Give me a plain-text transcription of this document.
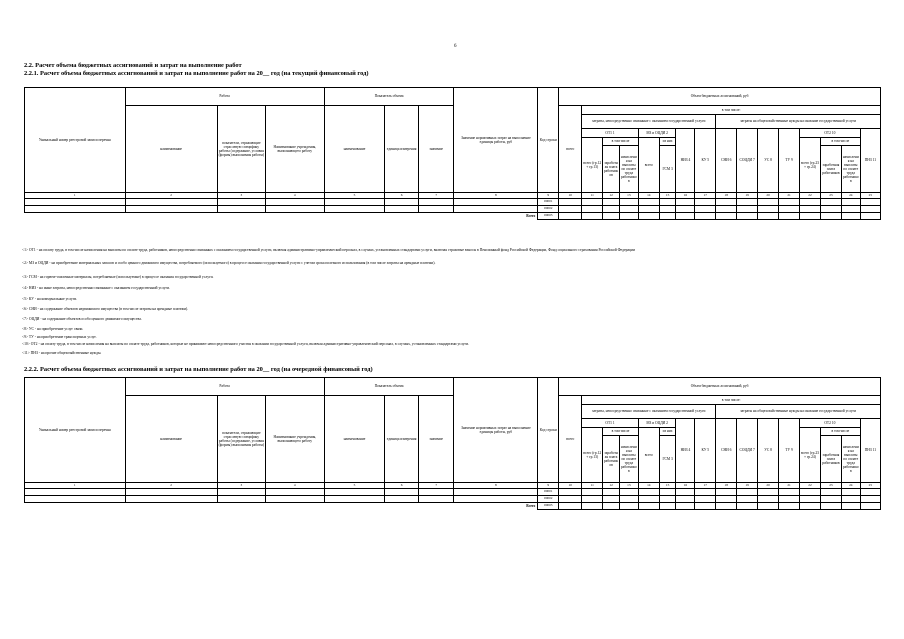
6
2.2. Расчет объема бюджетных ассигнований и затрат на выполнение работ
2.2.1. Расчет объема бюджетных ассигнований и затрат на выполнение работ на 20__ год (на текущий финансовый год)
Уникальный номер реестровой записи перечня	Работа			Показатель объема			Значение нормативных затрат на выполнение единицы работы, руб	Код строки	Объем бюджетных ассигнований, руб															
	наименование	показатели, отражающие отраслевую специфику работы (содержание, условия (формы) выполнения работы)	Наименование учреждения, выполняющего работу	наименование	единица измерения	значение			всего	в том числе:														
										затраты, непосредственно связанные с оказанием государственной услуги							затраты на общехозяйственные нужды на оказание государственной услуги							
										ОТ1 1			МЗ и ОЦДИ 2		НИЗ 4	КУ 5	СНИ 6	СОЦДИ 7	УС 8	ТУ 9	ОТ2 10			ПНЗ 11
										всего (гр.12 + гр.13)	в том числе		всего	из них							всего (гр.23 + гр.24)	в том числе		
											заработная плата работников	начисления на выплаты по оплате труда работников		ГСМ 3								заработная плата работников	начисления на выплаты по оплате труда работников	
1	2	3	4	5	6	7	8	9	10	11	12	13	14	15	16	17	18	19	20	21	22	23	24	25
								00001																
								00002																
Всего								00003																
<1> ОТ1 - на оплату труда, в том числе начисления на выплаты по оплате труда, работников, непосредственно связанных с оказанием государственной услуги, включая административно-управленческий персонал, в случаях, установленных стандартами услуги, включая страховые взносы в Пенсионный фонд Российской Федерации, Фонд социального страхования Российской Федерации
<2> МЗ и ОЦДИ - на приобретение материальных запасов и особо ценного движимого имущества, потребляемого (используемого) в процессе оказания государственной услуги с учетом срока полезного использования (в том числе затраты на арендные платежи).
<3> ГСМ - на горюче-смазочные материалы, потребляемые (используемые) в процессе оказания государственной услуги.
<4> НИЗ - на иные затраты, непосредственно связанные с оказанием государственной услуги.
<5> КУ - на коммунальные услуги.
<6> СНИ - на содержание объектов недвижимого имущества (в том числе затраты на арендные платежи).
<7> ОЦДИ - на содержание объектов особо ценного движимого имущества.
<8> УС - на приобретение услуг связи.
<9> ТУ - на приобретение транспортных услуг.
<10> ОТ2 - на оплату труда, в том числе начисления на выплаты по оплате труда, работников, которые не принимают непосредственного участия в оказании государственной услуги, включая административно-управленческий персонал, в случаях, установленных стандартами услуги.
<11> ПНЗ - на прочие общехозяйственные нужды.
2.2.2. Расчет объема бюджетных ассигнований и затрат на выполнение работ на 20__ год (на очередной финансовый год)
Уникальный номер реестровой записи перечня	Работа			Показатель объема			Значение нормативных затрат на выполнение единицы работы, руб	Код строки	Объем бюджетных ассигнований, руб															
	наименование	показатели, отражающие отраслевую специфику работы (содержание, условия (формы) выполнения работы)	Наименование учреждения, выполняющего работу	наименование	единица измерения	значение			всего	в том числе:														
										затраты, непосредственно связанные с оказанием государственной услуги							затраты на общехозяйственные нужды на оказание государственной услуги							
										ОТ1 1			МЗ и ОЦДИ 2		НИЗ 4	КУ 5	СНИ 6	СОЦДИ 7	УС 8	ТУ 9	ОТ2 10			ПНЗ 11
										всего (гр.12 + гр.13)	в том числе		всего	из них							всего (гр.23 + гр.24)	в том числе		
											заработная плата работников	начисления на выплаты по оплате труда работников		ГСМ 3								заработная плата работников	начисления на выплаты по оплате труда работников	
1	2	3	4	5	6	7	8	9	10	11	12	13	14	15	16	17	18	19	20	21	22	23	24	25
								00001																
								00002																
Всего								00003																
